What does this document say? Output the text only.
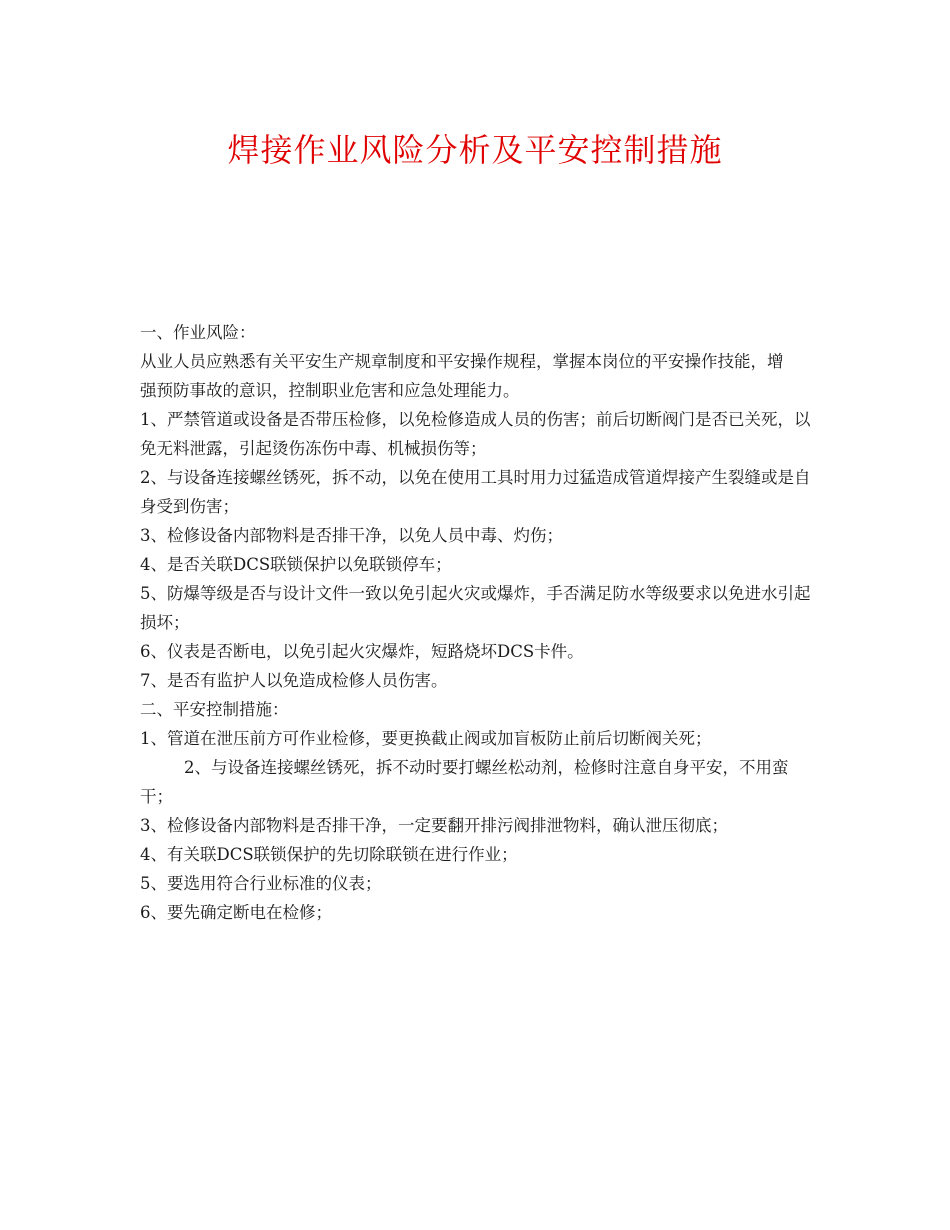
焊接作业风险分析及平安控制措施

一、作业风险：

从业人员应熟悉有关平安生产规章制度和平安操作规程，掌握本岗位的平安操作技能，增

强预防事故的意识，控制职业危害和应急处理能力。

1、严禁管道或设备是否带压检修，以免检修造成人员的伤害；前后切断阀门是否已关死，以免无料泄露，引起烫伤冻伤中毒、机械损伤等；

2、与设备连接螺丝锈死，拆不动，以免在使用工具时用力过猛造成管道焊接产生裂缝或是自身受到伤害；

3、检修设备内部物料是否排干净，以免人员中毒、灼伤；

4、是否关联DCS联锁保护以免联锁停车；

5、防爆等级是否与设计文件一致以免引起火灾或爆炸，手否满足防水等级要求以免进水引起损坏；

6、仪表是否断电，以免引起火灾爆炸，短路烧坏DCS卡件。

7、是否有监护人以免造成检修人员伤害。

二、平安控制措施：

1、管道在泄压前方可作业检修，要更换截止阀或加盲板防止前后切断阀关死；

2、与设备连接螺丝锈死，拆不动时要打螺丝松动剂，检修时注意自身平安，不用蛮干；

3、检修设备内部物料是否排干净，一定要翻开排污阀排泄物料，确认泄压彻底；

4、有关联DCS联锁保护的先切除联锁在进行作业；

5、要选用符合行业标准的仪表；

6、要先确定断电在检修；
